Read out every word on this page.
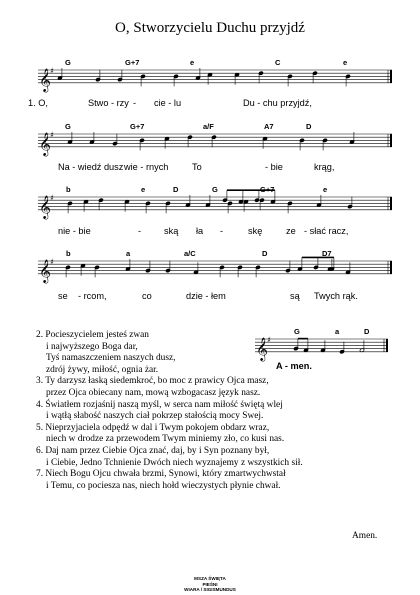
O, Stworzycielu Duchu przyjdź
𝄞 ♯
𝄞 ♯
𝄞 ♯
𝄞 ♯
𝄞 ♯
G	G+7	e	C	e
G	G+7	a/F	A7	D
b	e	D	G	G+7	e
b	a	a/C	D	D7
G	a	D
1. O,	Stwo - rzy - cie - lu	Du - chu przyjdź,
Na - wiedź dusz wie - rnych	To	- bie	krąg,
nie - bie	- ską ła -	skę	ze - słać racz,
se - rcom,	co	dzie - łem	są Twych rąk.
A - men.
2. Pocieszycielem jesteś zwan
i najwyższego Boga dar,
Tyś namaszczeniem naszych dusz,
zdrój żywy, miłość, ognia żar.
3. Ty darzysz łaską siedemkroć, bo moc z prawicy Ojca masz,
przez Ojca obiecany nam, mową wzbogacasz język nasz.
4. Światłem rozjaśnij naszą myśl, w serca nam miłość świętą wlej
i wątłą słabość naszych ciał pokrzep stałością mocy Swej.
5. Nieprzyjaciela odpędź w dal i Twym pokojem obdarz wraz,
niech w drodze za przewodem Twym miniemy zło, co kusi nas.
6. Daj nam przez Ciebie Ojca znać, daj, by i Syn poznany był,
i Ciebie, Jedno Tchnienie Dwóch niech wyznajemy z wszystkich sił.
7. Niech Bogu Ojcu chwała brzmi, Synowi, który zmartwychwstał
i Temu, co pociesza nas, niech hołd wieczystych płynie chwał.
Amen.
MSZA ŚWIĘTA
PIEŚNI
WIARA / SIGISMUNDUS
